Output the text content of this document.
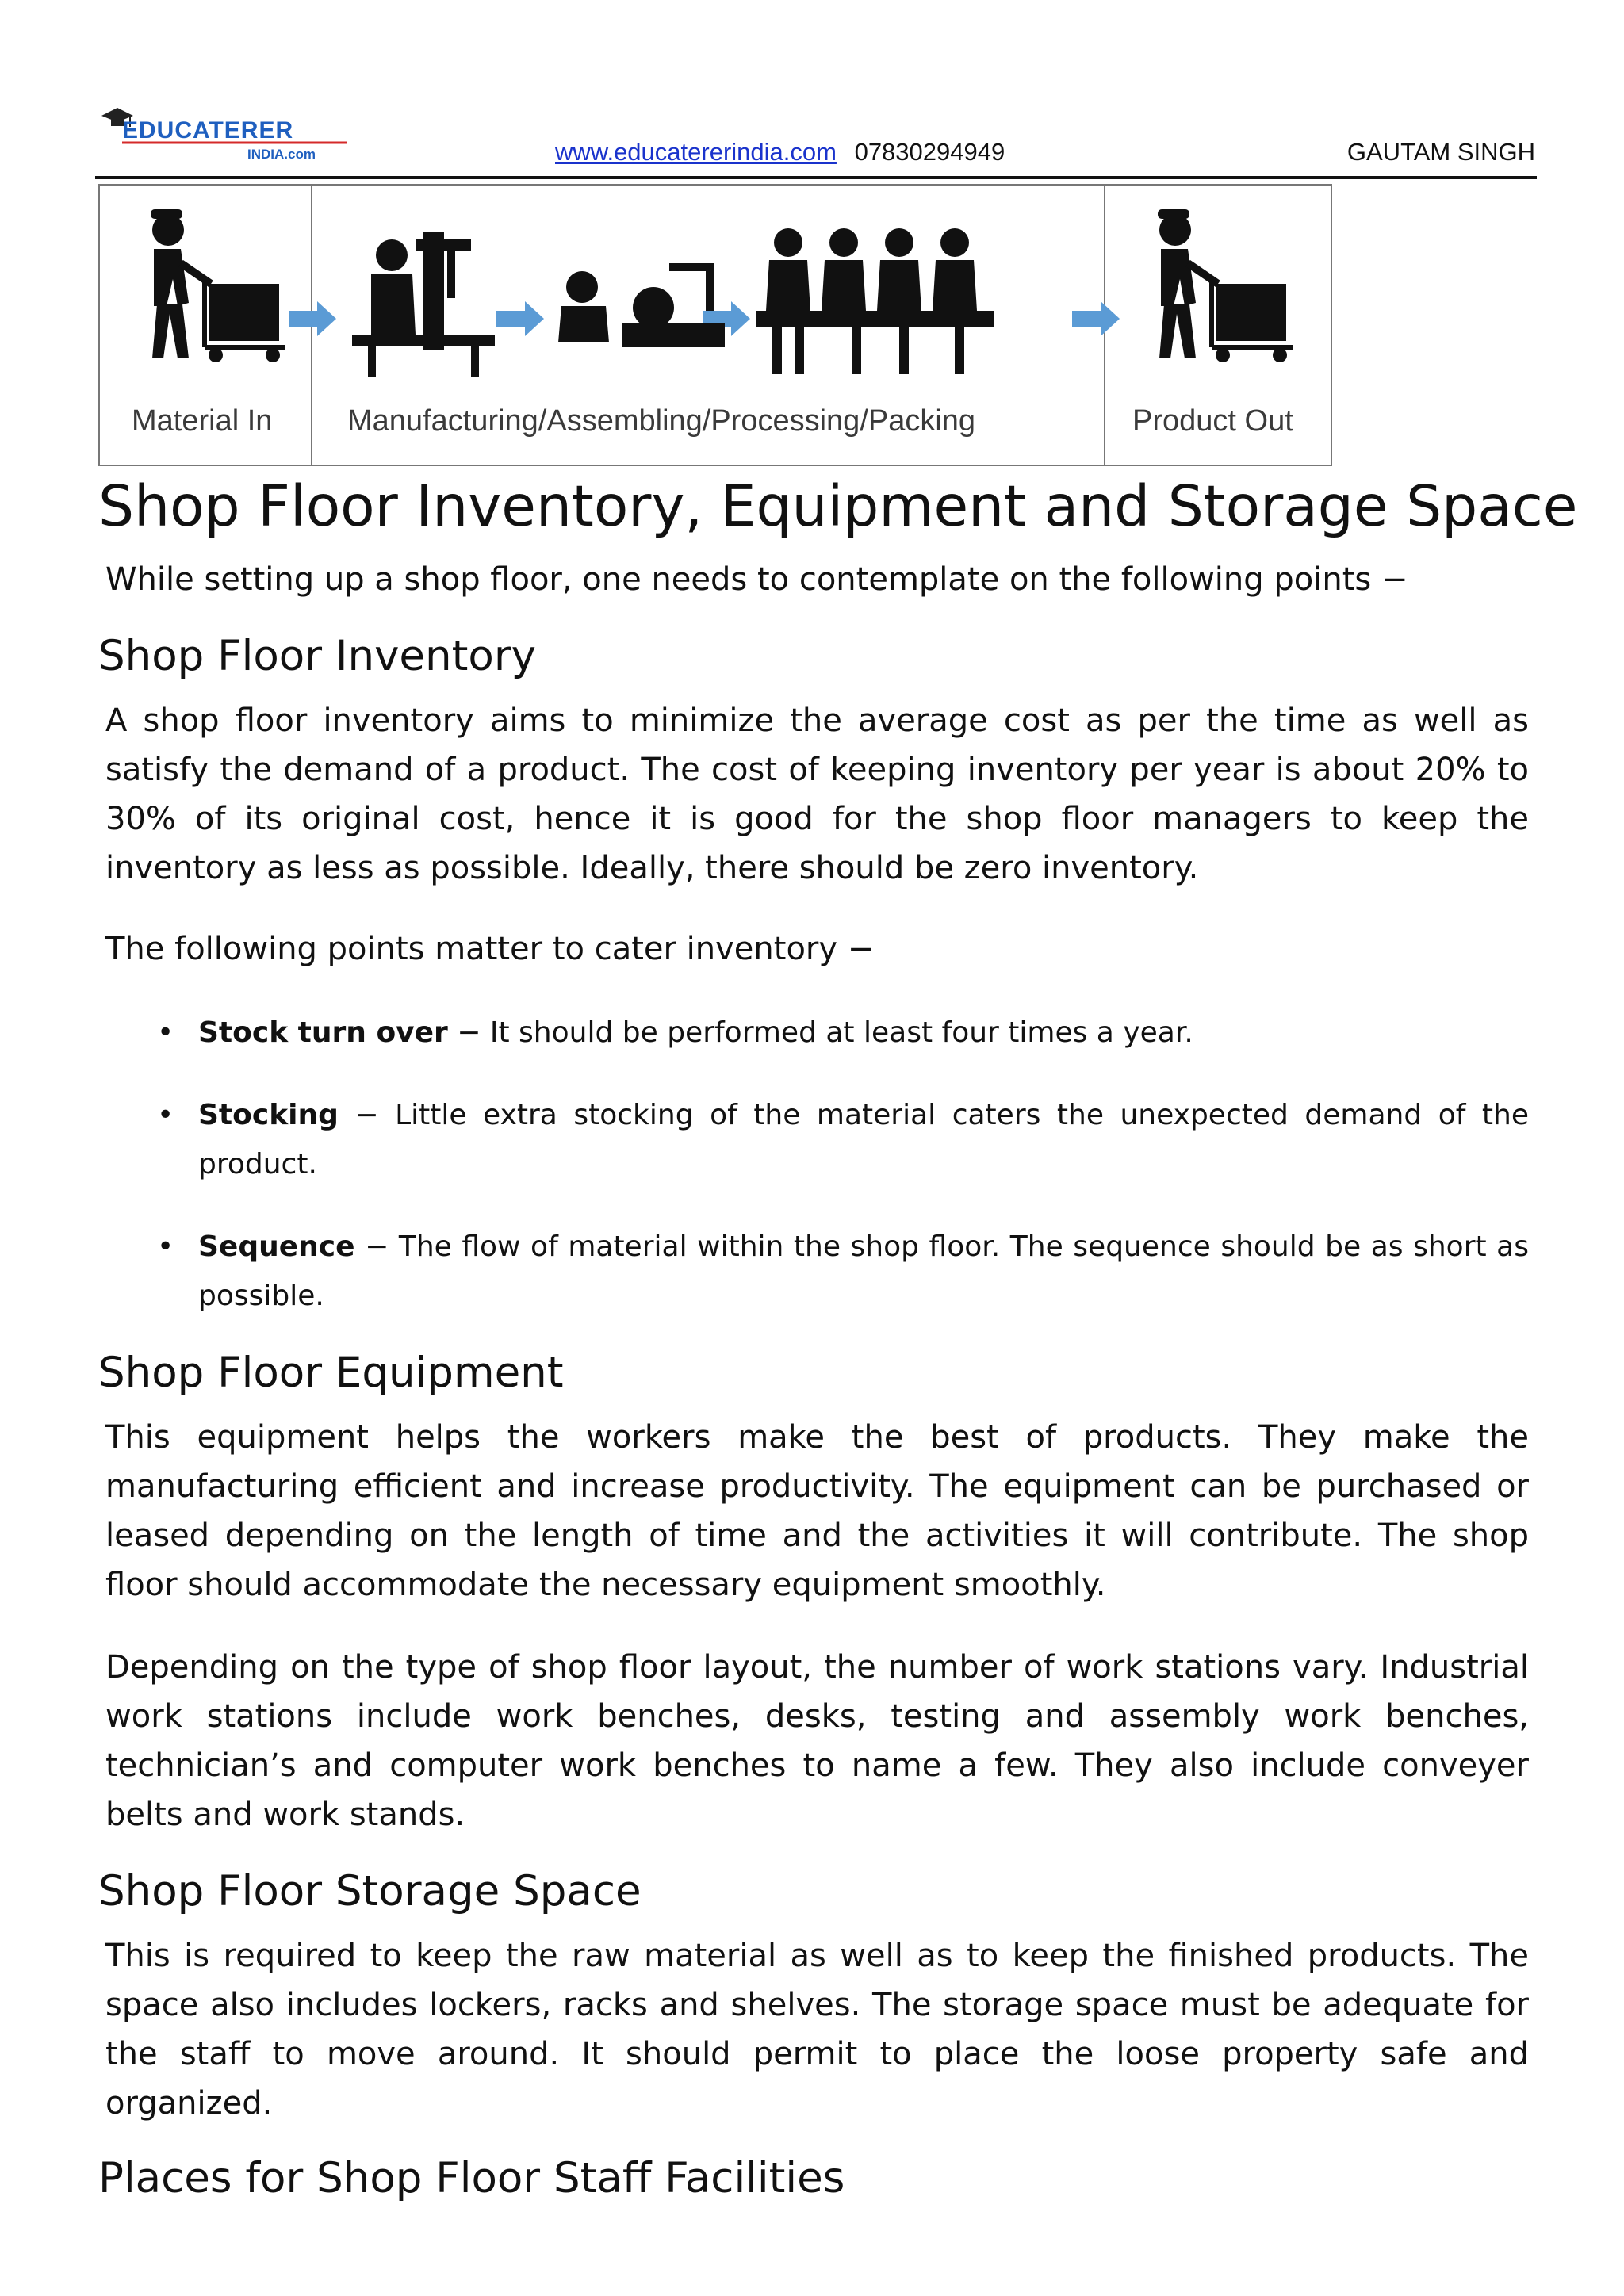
EDUCATERER
INDIA.com	www.educatererindia.com 07830294949	GAUTAM SINGH
Material In Manufacturing/Assembling/Processing/Packing	Product Out
Shop Floor Inventory, Equipment and Storage Space

While setting up a shop floor, one needs to contemplate on the following points −

Shop Floor Inventory

A shop floor inventory aims to minimize the average cost as per the time as well as satisfy the demand of a product. The cost of keeping inventory per year is about 20% to 30% of its original cost, hence it is good for the shop floor managers to keep the inventory as less as possible. Ideally, there should be zero inventory.

The following points matter to cater inventory −

• Stock turn over − It should be performed at least four times a year.
• Stocking − Little extra stocking of the material caters the unexpected demand of the product.
• Sequence − The flow of material within the shop floor. The sequence should be as short as possible.
Shop Floor Equipment

This equipment helps the workers make the best of products. They make the manufacturing efficient and increase productivity. The equipment can be purchased or leased depending on the length of time and the activities it will contribute. The shop floor should accommodate the necessary equipment smoothly.

Depending on the type of shop floor layout, the number of work stations vary. Industrial work stations include work benches, desks, testing and assembly work benches, technician’s and computer work benches to name a few. They also include conveyer belts and work stands.

Shop Floor Storage Space

This is required to keep the raw material as well as to keep the finished products. The space also includes lockers, racks and shelves. The storage space must be adequate for the staff to move around. It should permit to place the loose property safe and organized.

Places for Shop Floor Staff Facilities
